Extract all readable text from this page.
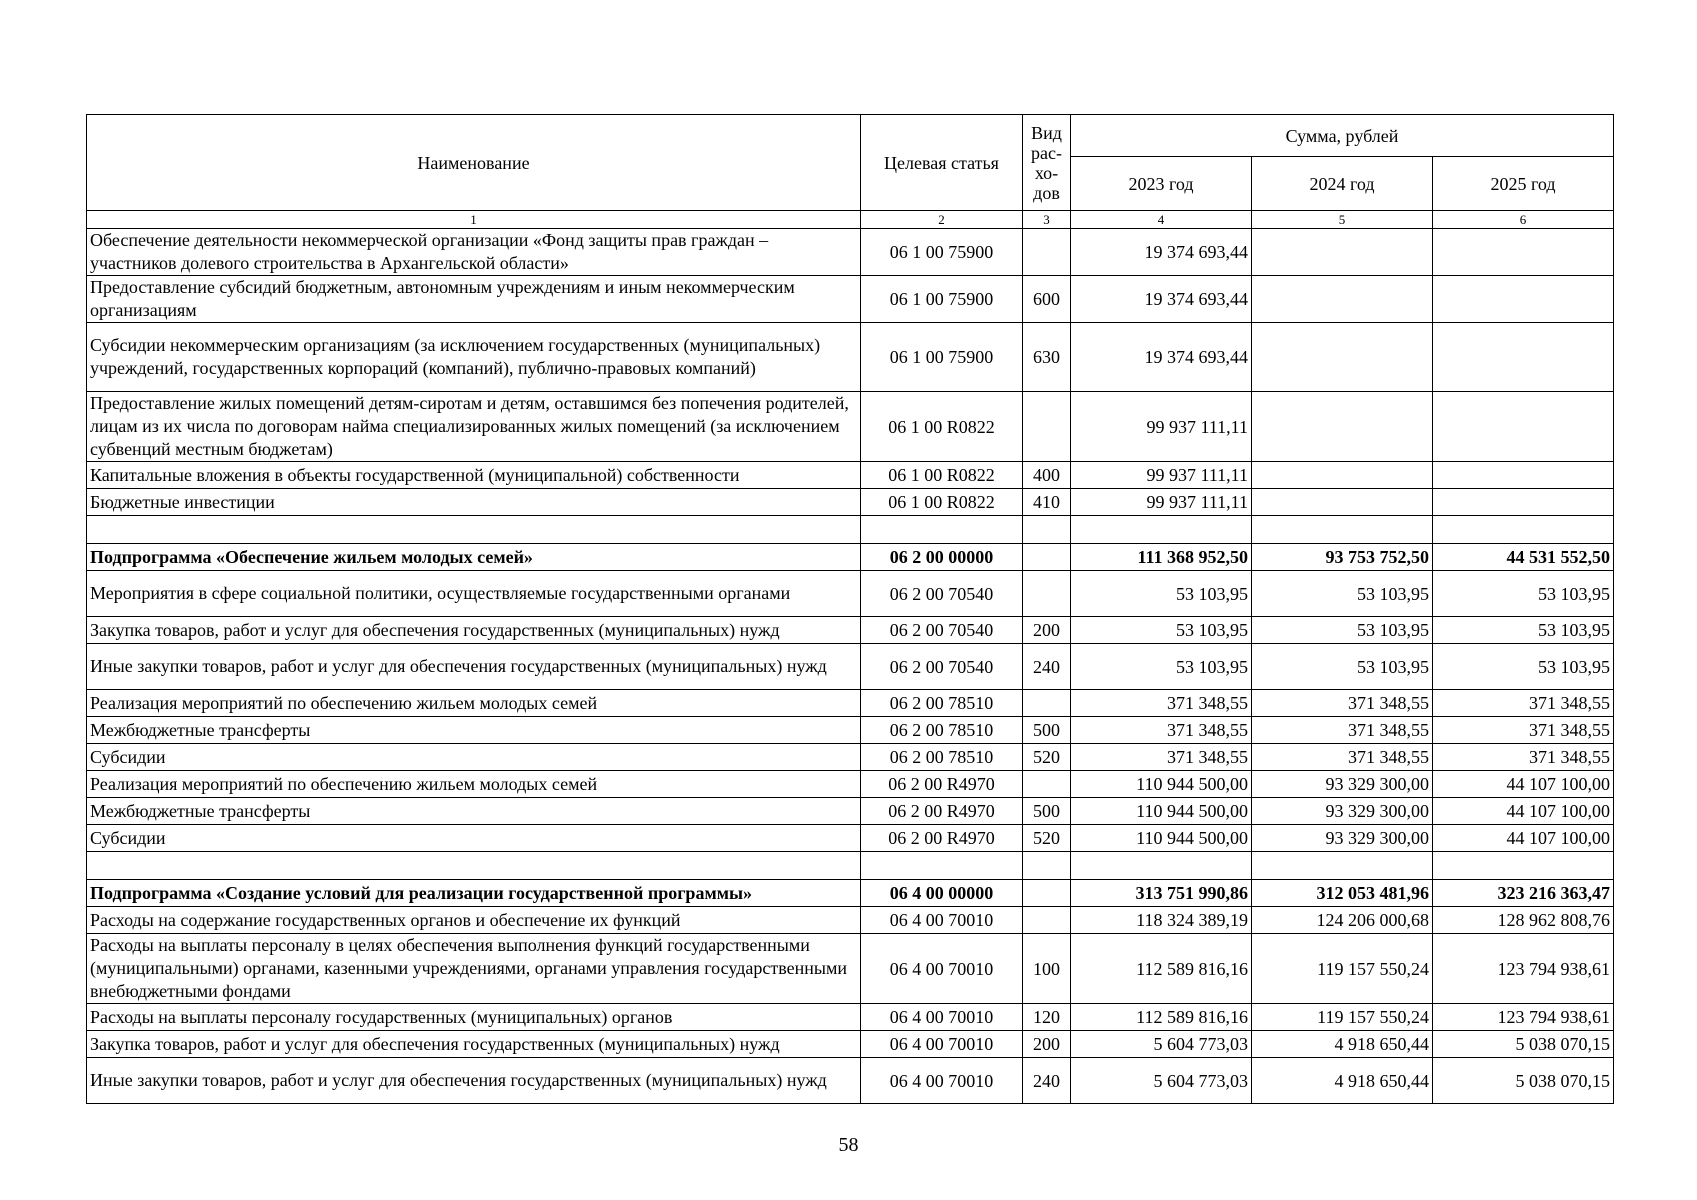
Наименование	Целевая статья	Вид
рас-
хо-
дов	Сумма, рублей		
			2023 год	2024 год	2025 год
1	2	3	4	5	6
Обеспечение деятельности некоммерческой организации «Фонд защиты прав граждан – участников долевого строительства в Архангельской области»	06 1 00 75900		19 374 693,44		
Предоставление субсидий бюджетным, автономным учреждениям и иным некоммерческим организациям	06 1 00 75900	600	19 374 693,44		
Субсидии некоммерческим организациям (за исключением государственных (муниципальных) учреждений, государственных корпораций (компаний), публично-правовых компаний)	06 1 00 75900	630	19 374 693,44		
Предоставление жилых помещений детям-сиротам и детям, оставшимся без попечения родителей, лицам из их числа по договорам найма специализированных жилых помещений (за исключением субвенций местным бюджетам)	06 1 00 R0822		99 937 111,11		
Капитальные вложения в объекты государственной (муниципальной) собственности	06 1 00 R0822	400	99 937 111,11		
Бюджетные инвестиции	06 1 00 R0822	410	99 937 111,11		

Подпрограмма «Обеспечение жильем молодых семей»	06 2 00 00000		111 368 952,50	93 753 752,50	44 531 552,50
Мероприятия в сфере социальной политики, осуществляемые государственными органами	06 2 00 70540		53 103,95	53 103,95	53 103,95
Закупка товаров, работ и услуг для обеспечения государственных (муниципальных) нужд	06 2 00 70540	200	53 103,95	53 103,95	53 103,95
Иные закупки товаров, работ и услуг для обеспечения государственных (муниципальных) нужд	06 2 00 70540	240	53 103,95	53 103,95	53 103,95
Реализация мероприятий по обеспечению жильем молодых семей	06 2 00 78510		371 348,55	371 348,55	371 348,55
Межбюджетные трансферты	06 2 00 78510	500	371 348,55	371 348,55	371 348,55
Субсидии	06 2 00 78510	520	371 348,55	371 348,55	371 348,55
Реализация мероприятий по обеспечению жильем молодых семей	06 2 00 R4970		110 944 500,00	93 329 300,00	44 107 100,00
Межбюджетные трансферты	06 2 00 R4970	500	110 944 500,00	93 329 300,00	44 107 100,00
Субсидии	06 2 00 R4970	520	110 944 500,00	93 329 300,00	44 107 100,00

Подпрограмма «Создание условий для реализации государственной программы»	06 4 00 00000		313 751 990,86	312 053 481,96	323 216 363,47
Расходы на содержание государственных органов и обеспечение их функций	06 4 00 70010		118 324 389,19	124 206 000,68	128 962 808,76
Расходы на выплаты персоналу в целях обеспечения выполнения функций государственными (муниципальными) органами, казенными учреждениями, органами управления государственными внебюджетными фондами	06 4 00 70010	100	112 589 816,16	119 157 550,24	123 794 938,61
Расходы на выплаты персоналу государственных (муниципальных) органов	06 4 00 70010	120	112 589 816,16	119 157 550,24	123 794 938,61
Закупка товаров, работ и услуг для обеспечения государственных (муниципальных) нужд	06 4 00 70010	200	5 604 773,03	4 918 650,44	5 038 070,15
Иные закупки товаров, работ и услуг для обеспечения государственных (муниципальных) нужд	06 4 00 70010	240	5 604 773,03	4 918 650,44	5 038 070,15
58
